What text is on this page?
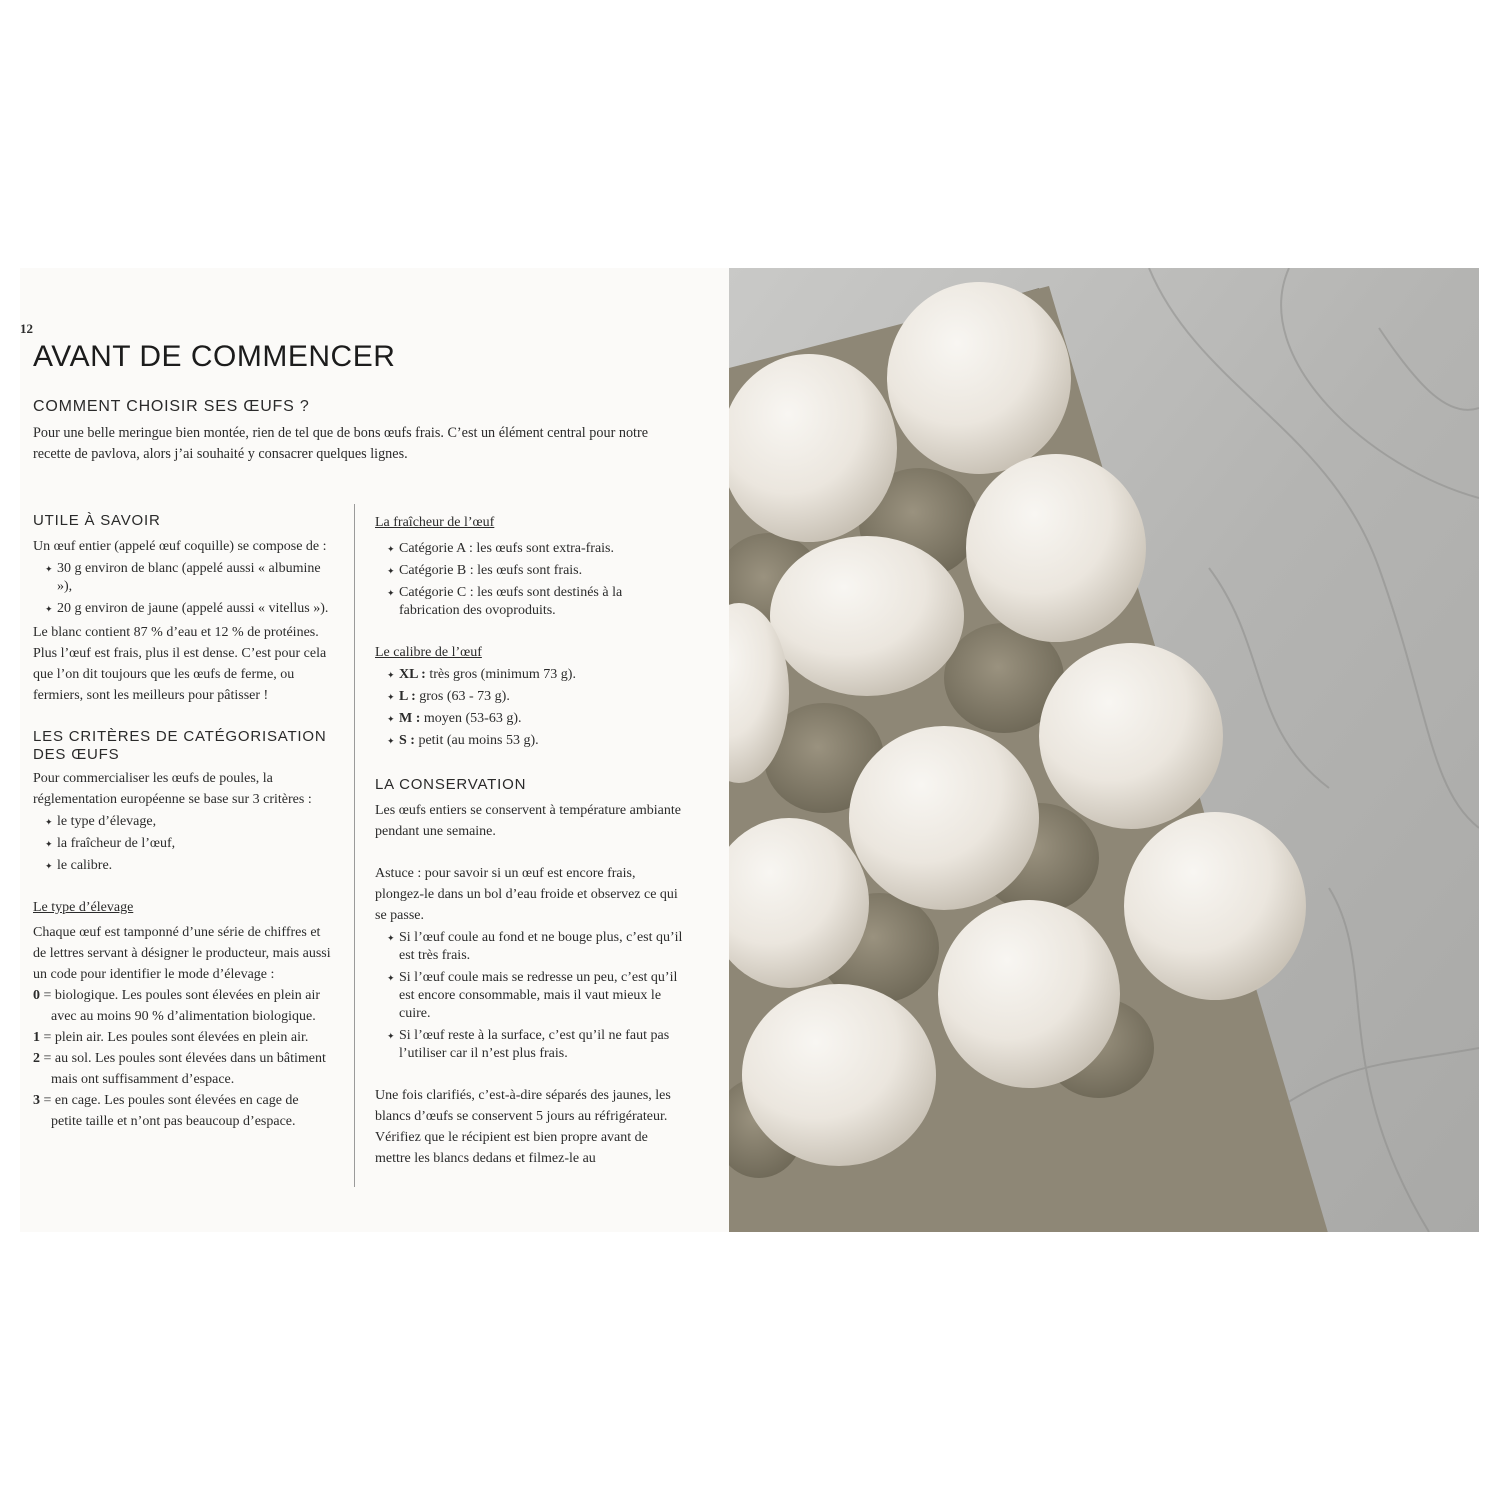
12
AVANT DE COMMENCER
COMMENT CHOISIR SES ŒUFS ?
Pour une belle meringue bien montée, rien de tel que de bons œufs frais. C’est un élément central pour notre recette de pavlova, alors j’ai souhaité y consacrer quelques lignes.
UTILE À SAVOIR

Un œuf entier (appelé œuf coquille) se compose de :

✦ 30 g environ de blanc (appelé aussi « albumine »),
✦ 20 g environ de jaune (appelé aussi « vitellus »).

Le blanc contient 87 % d’eau et 12 % de protéines.

Plus l’œuf est frais, plus il est dense. C’est pour cela que l’on dit toujours que les œufs de ferme, ou fermiers, sont les meilleurs pour pâtisser !

LES CRITÈRES DE CATÉGORISATION DES ŒUFS

Pour commercialiser les œufs de poules, la réglementation européenne se base sur 3 critères :

✦ le type d’élevage,
✦ la fraîcheur de l’œuf,
✦ le calibre.

Le type d’élevage

Chaque œuf est tamponné d’une série de chiffres et de lettres servant à désigner le producteur, mais aussi un code pour identifier le mode d’élevage :

0 = biologique. Les poules sont élevées en plein air avec au moins 90 % d’alimentation biologique.
1 = plein air. Les poules sont élevées en plein air.
2 = au sol. Les poules sont élevées dans un bâtiment mais ont suffisamment d’espace.
3 = en cage. Les poules sont élevées en cage de petite taille et n’ont pas beaucoup d’espace.

La fraîcheur de l’œuf

✦ Catégorie A : les œufs sont extra-frais.
✦ Catégorie B : les œufs sont frais.
✦ Catégorie C : les œufs sont destinés à la fabrication des ovoproduits.

Le calibre de l’œuf

✦ XL : très gros (minimum 73 g).
✦ L : gros (63 - 73 g).
✦ M : moyen (53-63 g).
✦ S : petit (au moins 53 g).
LA CONSERVATION

Les œufs entiers se conservent à température ambiante pendant une semaine.

Astuce : pour savoir si un œuf est encore frais, plongez-le dans un bol d’eau froide et observez ce qui se passe.

✦ Si l’œuf coule au fond et ne bouge plus, c’est qu’il est très frais.
✦ Si l’œuf coule mais se redresse un peu, c’est qu’il est encore consommable, mais il vaut mieux le cuire.
✦ Si l’œuf reste à la surface, c’est qu’il ne faut pas l’utiliser car il n’est plus frais.

Une fois clarifiés, c’est-à-dire séparés des jaunes, les blancs d’œufs se conservent 5 jours au réfrigérateur. Vérifiez que le récipient est bien propre avant de mettre les blancs dedans et filmez-le au
